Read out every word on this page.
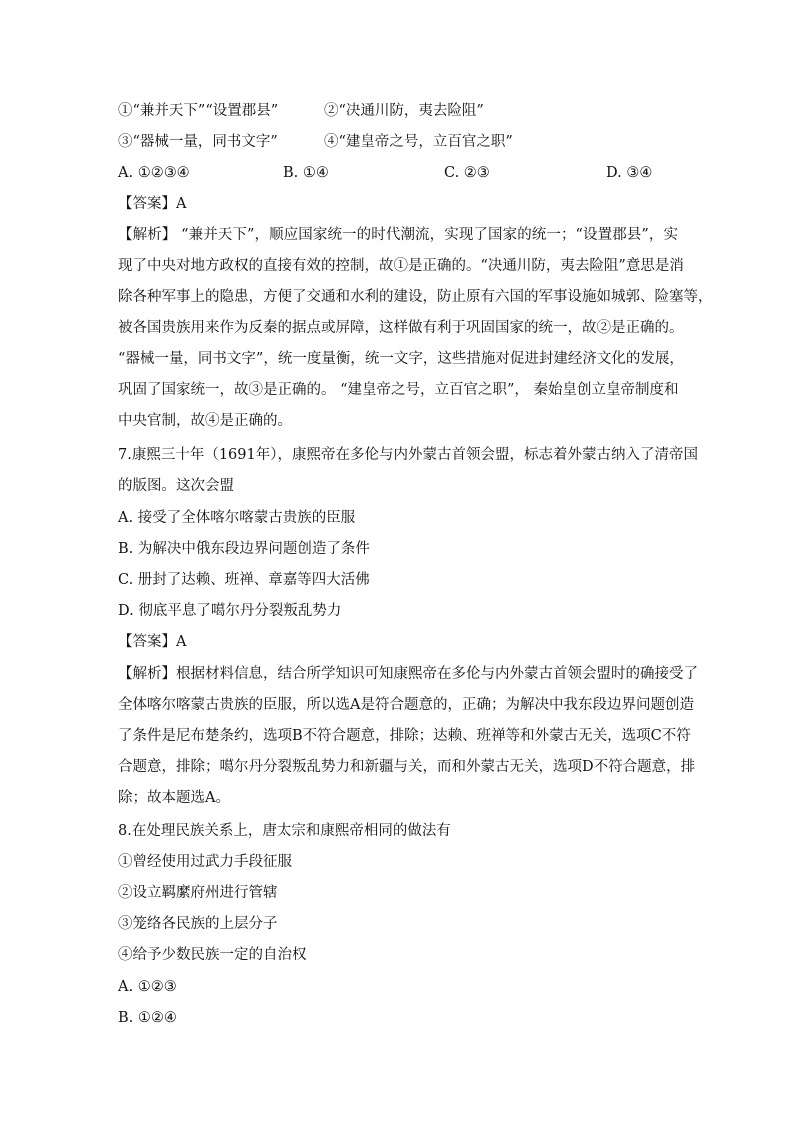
①“兼并天下”“设置郡县”	②“决通川防，夷去险阻”
③“器械一量，同书文字”	④“建皇帝之号，立百官之职”
A. ①②③④	B. ①④	C. ②③	D. ③④
【答案】A
【解析】 “兼并天下”，顺应国家统一的时代潮流，实现了国家的统一；“设置郡县”，实
现了中央对地方政权的直接有效的控制，故①是正确的。“决通川防，夷去险阻”意思是消
除各种军事上的隐患，方便了交通和水利的建设，防止原有六国的军事设施如城郭、险塞等，
被各国贵族用来作为反秦的据点或屏障，这样做有利于巩固国家的统一，故②是正确的。
“器械一量，同书文字”，统一度量衡，统一文字，这些措施对促进封建经济文化的发展，
巩固了国家统一，故③是正确的。 “建皇帝之号，立百官之职”， 秦始皇创立皇帝制度和
中央官制，故④是正确的。
7.康熙三十年（1691年），康熙帝在多伦与内外蒙古首领会盟，标志着外蒙古纳入了清帝国
的版图。这次会盟
A. 接受了全体喀尔喀蒙古贵族的臣服
B. 为解决中俄东段边界问题创造了条件
C. 册封了达赖、班禅、章嘉等四大活佛
D. 彻底平息了噶尔丹分裂叛乱势力
【答案】A
【解析】根据材料信息，结合所学知识可知康熙帝在多伦与内外蒙古首领会盟时的确接受了
全体喀尔喀蒙古贵族的臣服，所以选A是符合题意的，正确；为解决中我东段边界问题创造
了条件是尼布楚条约，选项B不符合题意，排除；达赖、班禅等和外蒙古无关，选项C不符
合题意，排除；噶尔丹分裂叛乱势力和新疆与关，而和外蒙古无关，选项D不符合题意，排
除；故本题选A。
8.在处理民族关系上，唐太宗和康熙帝相同的做法有
①曾经使用过武力手段征服
②设立羁縻府州进行管辖
③笼络各民族的上层分子
④给予少数民族一定的自治权
A. ①②③
B. ①②④
